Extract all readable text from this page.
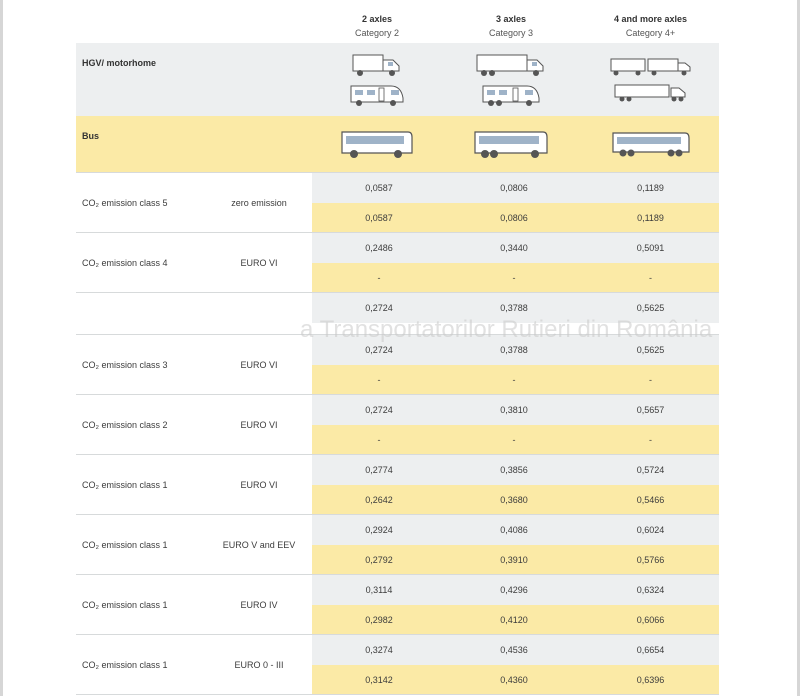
2 axles
Category 2
3 axles
Category 3
4 and more axles
Category 4+
HGV/ motorhome
Bus
CO₂ emission class 5	zero emission
0,0587	0,0806	0,1189
0,0587	0,0806	0,1189
CO₂ emission class 4	EURO VI
0,2486	0,3440	0,5091
-	-	-
0,2724	0,3788	0,5625
CO₂ emission class 3	EURO VI
0,2724	0,3788	0,5625
-	-	-
CO₂ emission class 2	EURO VI
0,2724	0,3810	0,5657
-	-	-
CO₂ emission class 1	EURO VI
0,2774	0,3856	0,5724
0,2642	0,3680	0,5466
CO₂ emission class 1	EURO V and EEV
0,2924	0,4086	0,6024
0,2792	0,3910	0,5766
CO₂ emission class 1	EURO IV
0,3114	0,4296	0,6324
0,2982	0,4120	0,6066
CO₂ emission class 1	EURO 0 - III
0,3274	0,4536	0,6654
0,3142	0,4360	0,6396
a Transportatorilor Rutieri din România
